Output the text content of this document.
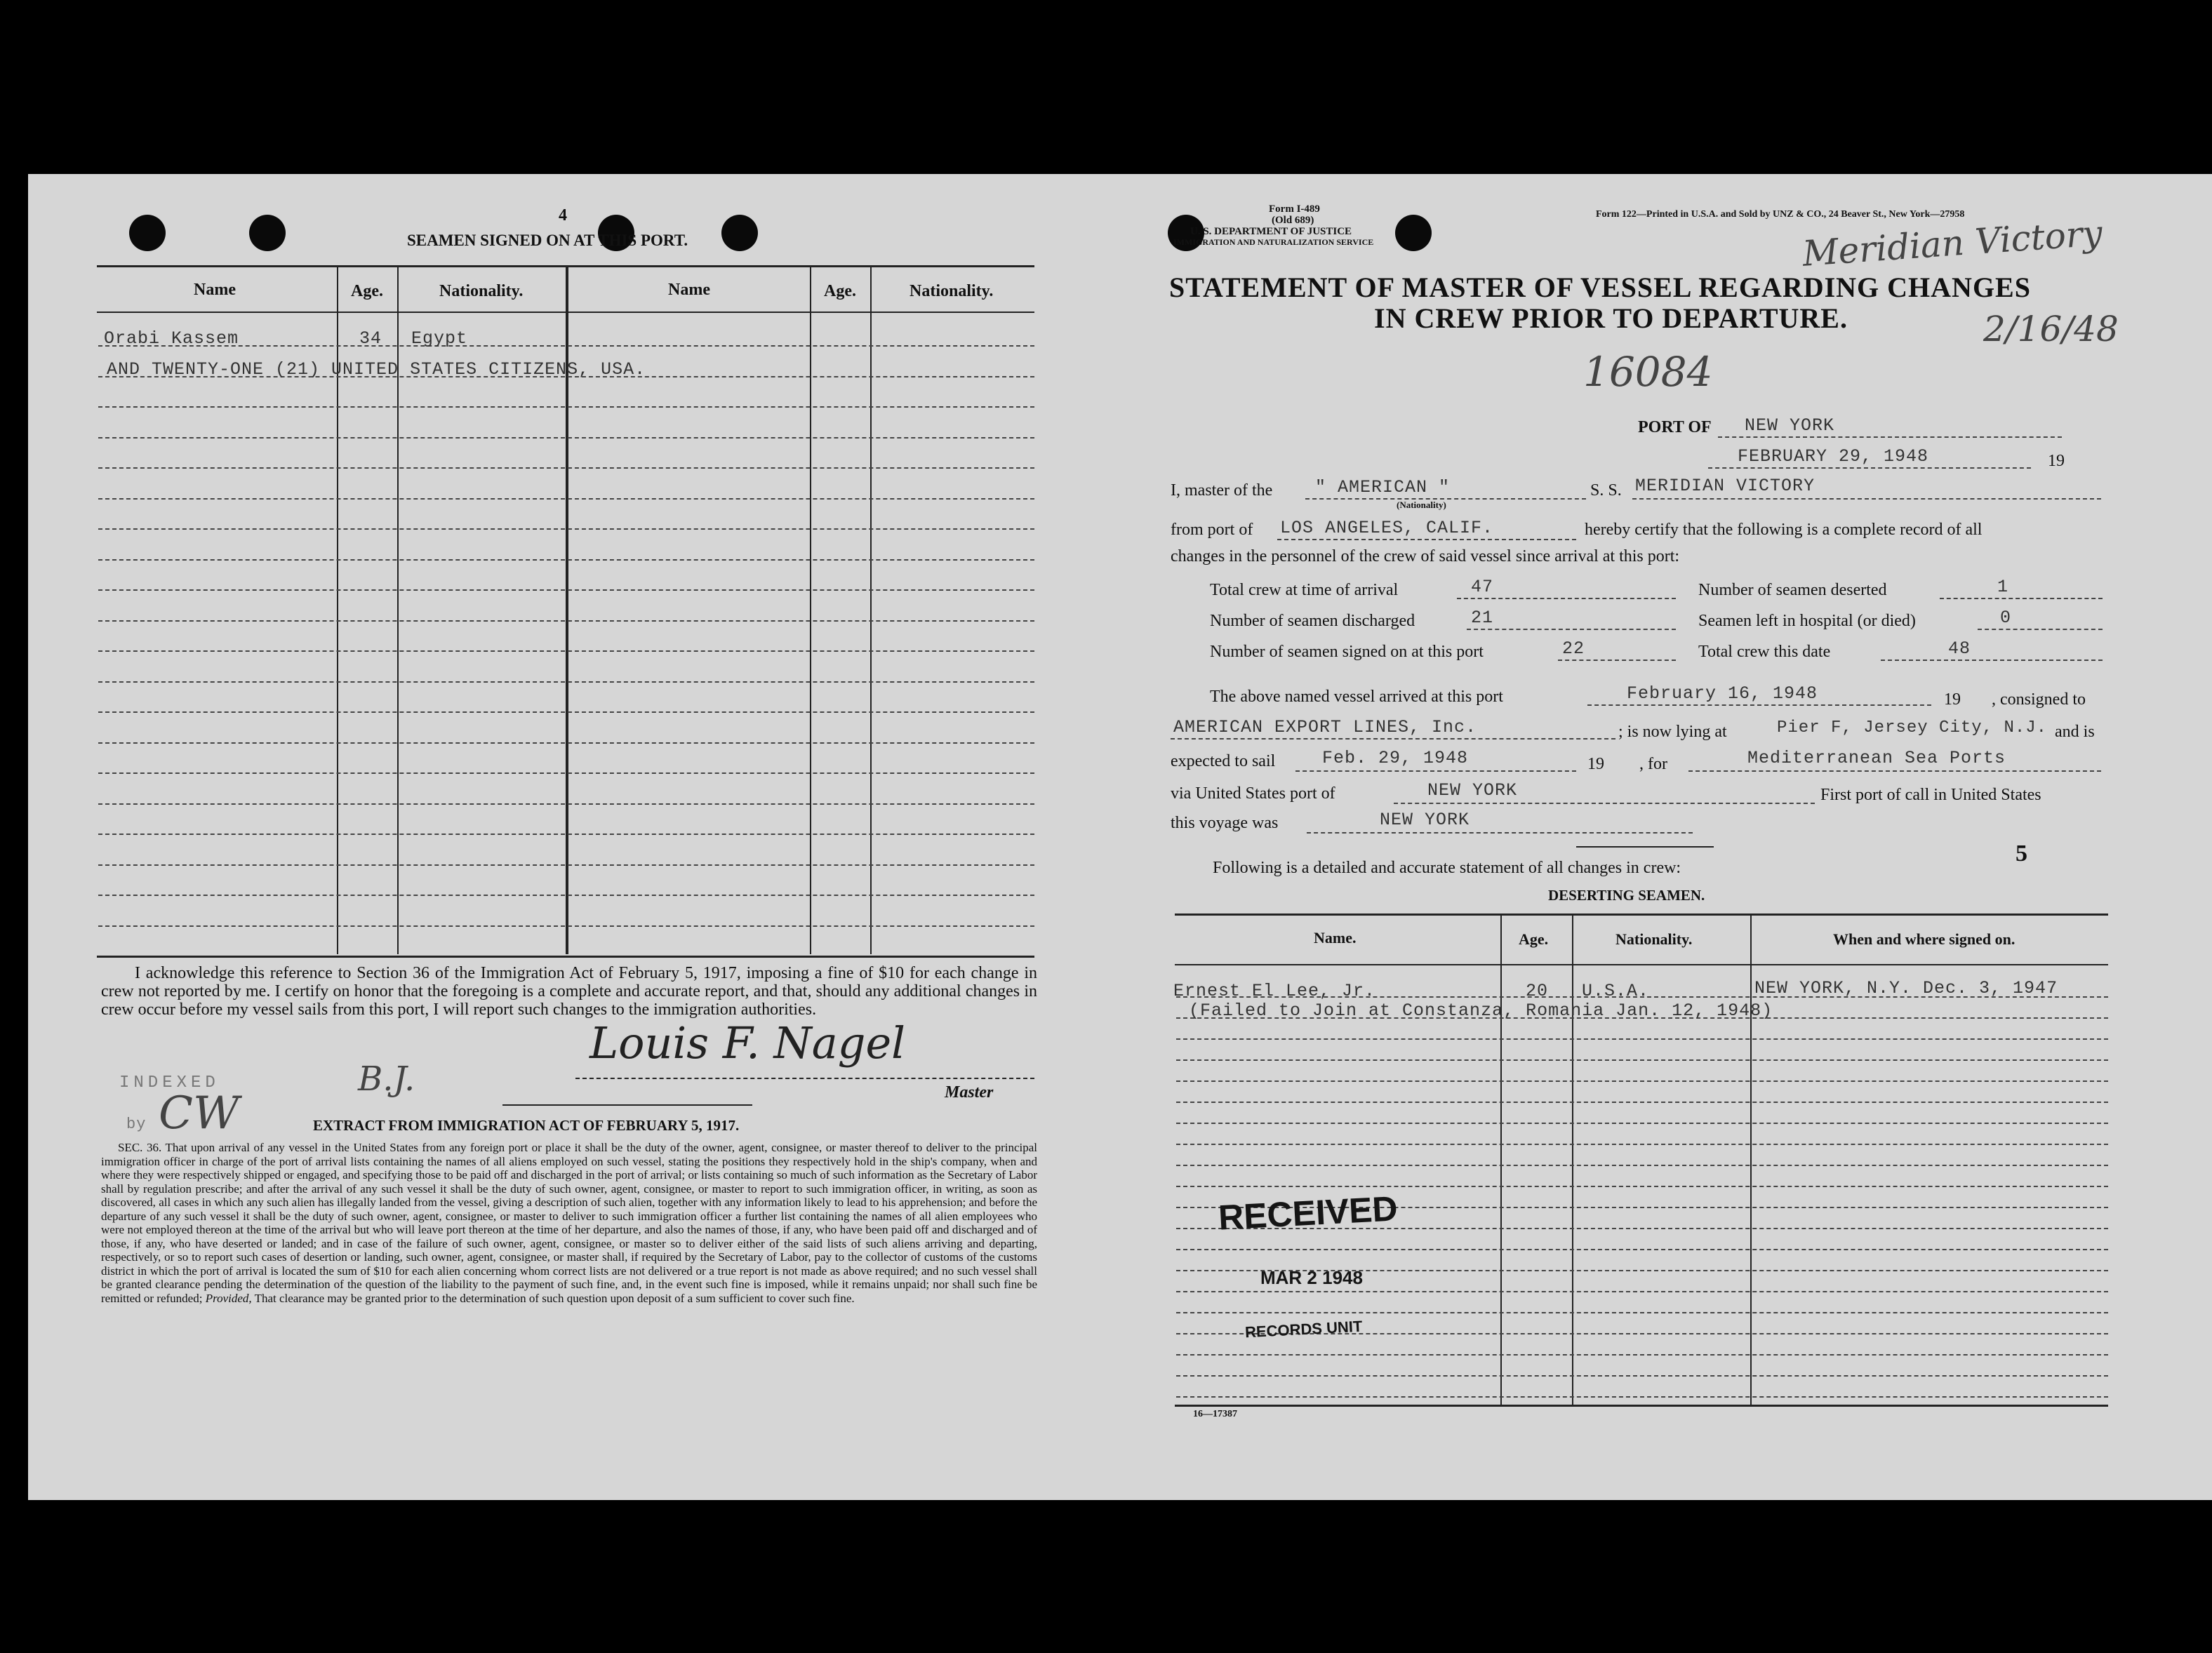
4
SEAMEN SIGNED ON AT THIS PORT.
Name	Age.	Nationality.	Name	Age.	Nationality.
Orabi Kassem	34 Egypt
AND TWENTY-ONE (21) UNITED STATES CITIZENS, USA.
I acknowledge this reference to Section 36 of the Immigration Act of February 5, 1917, imposing a fine of $10 for each change in crew not reported by me. I certify on honor that the foregoing is a complete and accurate report, and that, should any additional changes in crew occur before my vessel sails from this port, I will report such changes to the immigration authorities.
Louis F. Nagel
Master
INDEXED
by CW
B.J.
EXTRACT FROM IMMIGRATION ACT OF FEBRUARY 5, 1917.
SEC. 36. That upon arrival of any vessel in the United States from any foreign port or place it shall be the duty of the owner, agent, consignee, or master thereof to deliver to the principal immigration officer in charge of the port of arrival lists containing the names of all aliens employed on such vessel, stating the positions they respectively hold in the ship's company, when and where they were respectively shipped or engaged, and specifying those to be paid off and discharged in the port of arrival; or lists containing so much of such information as the Secretary of Labor shall by regulation prescribe; and after the arrival of any such vessel it shall be the duty of such owner, agent, consignee, or master to report to such immigration officer, in writing, as soon as discovered, all cases in which any such alien has illegally landed from the vessel, giving a description of such alien, together with any information likely to lead to his apprehension; and before the departure of any such vessel it shall be the duty of such owner, agent, consignee, or master to deliver to such immigration officer a further list containing the names of all alien employees who were not employed thereon at the time of the arrival but who will leave port thereon at the time of her departure, and also the names of those, if any, who have been paid off and discharged and of those, if any, who have deserted or landed; and in case of the failure of such owner, agent, consignee, or master so to deliver either of the said lists of such aliens arriving and departing, respectively, or so to report such cases of desertion or landing, such owner, agent, consignee, or master shall, if required by the Secretary of Labor, pay to the collector of customs of the customs district in which the port of arrival is located the sum of $10 for each alien concerning whom correct lists are not delivered or a true report is not made as above required; and no such vessel shall be granted clearance pending the determination of the question of the liability to the payment of such fine, and, in the event such fine is imposed, while it remains unpaid; nor shall such fine be remitted or refunded; Provided, That clearance may be granted prior to the determination of such question upon deposit of a sum sufficient to cover such fine.
Form I-489
(Old 689)
U. S. DEPARTMENT OF JUSTICE
IMMIGRATION AND NATURALIZATION SERVICE
Form 122—Printed in U.S.A. and Sold by UNZ & CO., 24 Beaver St., New York—27958
Meridian Victory
2/16/48
16084
STATEMENT OF MASTER OF VESSEL REGARDING CHANGES
IN CREW PRIOR TO DEPARTURE.
PORT OF NEW YORK
FEBRUARY 29, 1948	19
I, master of the " AMERICAN "
(Nationality)
S. S. MERIDIAN VICTORY
from port of LOS ANGELES, CALIF.	hereby certify that the following is a complete record of all
changes in the personnel of the crew of said vessel since arrival at this port:
Total crew at time of arrival	47	Number of seamen deserted	1
Number of seamen discharged	21	Seamen left in hospital (or died)	0
Number of seamen signed on at this port	22	Total crew this date	48
The above named vessel arrived at this port	February 16, 1948	19 , consigned to
AMERICAN EXPORT LINES, Inc.	; is now lying at	Pier F, Jersey City, N.J. and is
expected to sail	Feb. 29, 1948	19 , for	Mediterranean Sea Ports
via United States port of	NEW YORK	First port of call in United States
this voyage was	NEW YORK
Following is a detailed and accurate statement of all changes in crew:
5
DESERTING SEAMEN.
Name.	Age.	Nationality.	When and where signed on.
Ernest El Lee, Jr.	20 U.S.A.	NEW YORK, N.Y. Dec. 3, 1947
(Failed to Join at Constanza, Romania Jan. 12, 1948)
RECEIVED
MAR 2 1948
RECORDS UNIT
16—17387
